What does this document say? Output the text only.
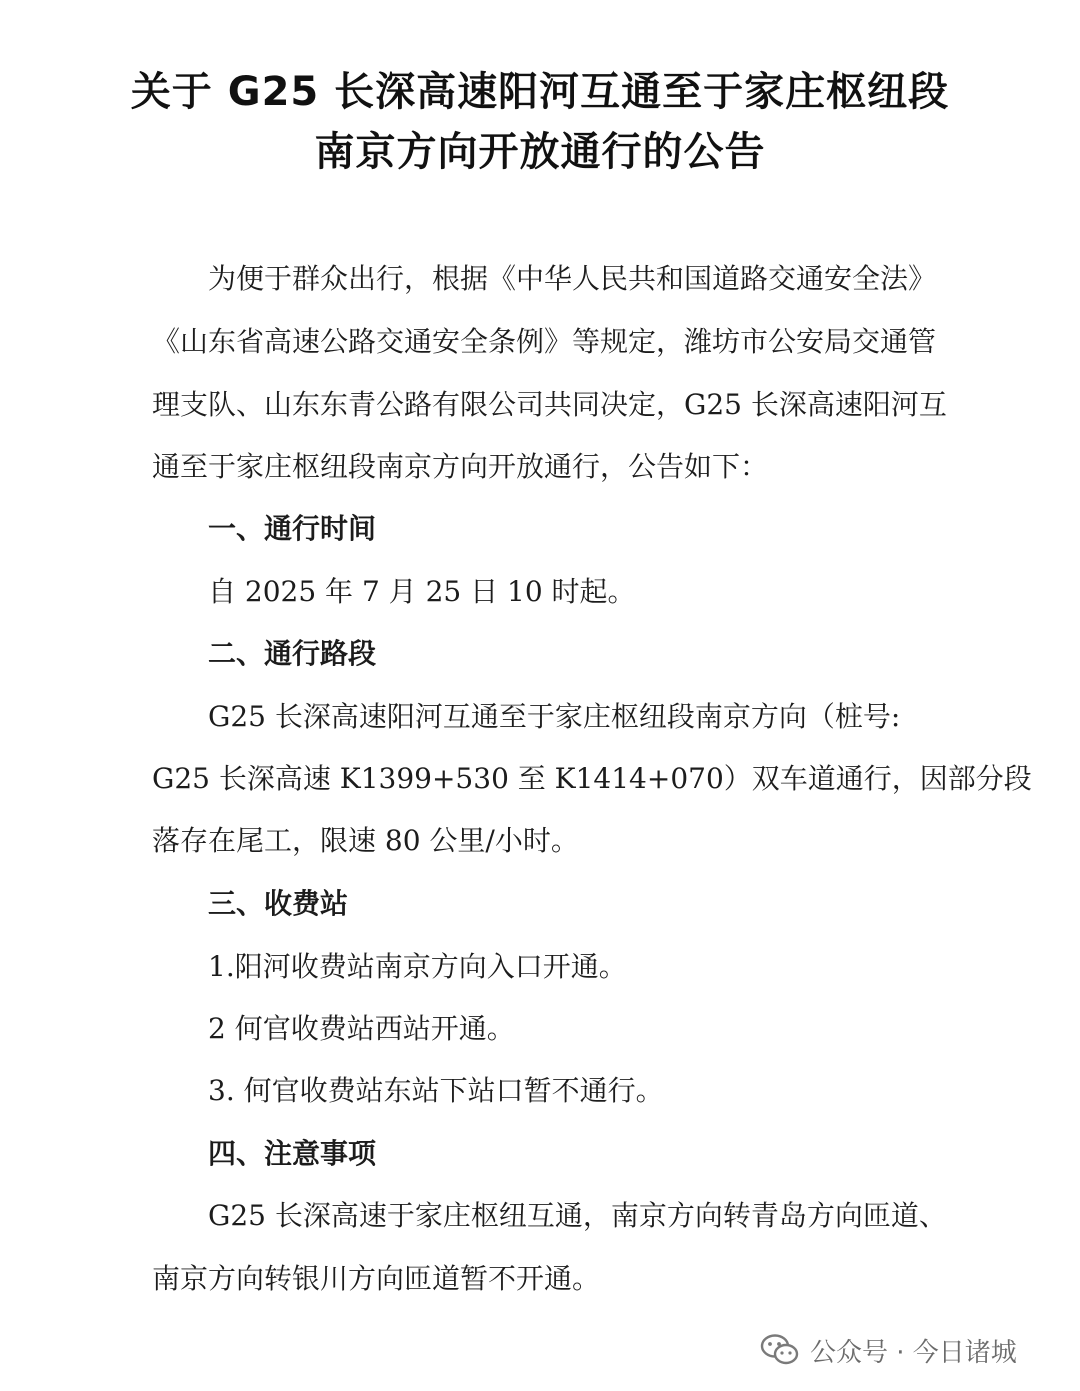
关于 G25 长深高速阳河互通至于家庄枢纽段
南京方向开放通行的公告
为便于群众出行，根据《中华人民共和国道路交通安全法》
《山东省高速公路交通安全条例》等规定，潍坊市公安局交通管
理支队、山东东青公路有限公司共同决定，G25 长深高速阳河互
通至于家庄枢纽段南京方向开放通行，公告如下：
一、通行时间
自 2025 年 7 月 25 日 10 时起。
二、通行路段
G25 长深高速阳河互通至于家庄枢纽段南京方向（桩号:
G25 长深高速 K1399+530 至 K1414+070）双车道通行，因部分段
落存在尾工，限速 80 公里/小时。
三、收费站
1.阳河收费站南京方向入口开通。
2 何官收费站西站开通。
3. 何官收费站东站下站口暂不通行。
四、注意事项
G25 长深高速于家庄枢纽互通，南京方向转青岛方向匝道、
南京方向转银川方向匝道暂不开通。
公众号 · 今日诸城
